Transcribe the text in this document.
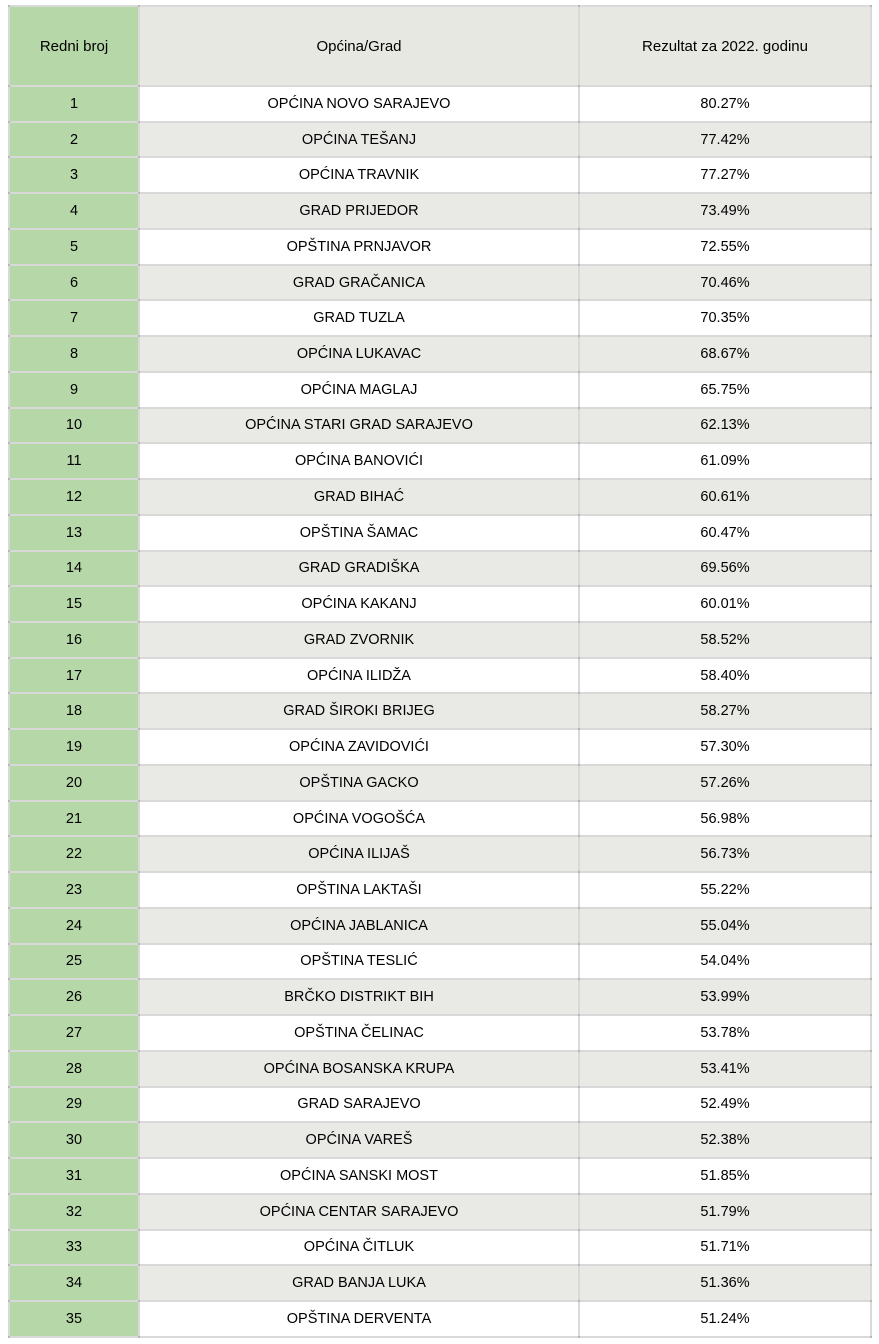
Redni broj	Općina/Grad	Rezultat za 2022. godinu
1	OPĆINA NOVO SARAJEVO	80.27%
2	OPĆINA TEŠANJ	77.42%
3	OPĆINA TRAVNIK	77.27%
4	GRAD PRIJEDOR	73.49%
5	OPŠTINA PRNJAVOR	72.55%
6	GRAD GRAČANICA	70.46%
7	GRAD TUZLA	70.35%
8	OPĆINA LUKAVAC	68.67%
9	OPĆINA MAGLAJ	65.75%
10	OPĆINA STARI GRAD SARAJEVO	62.13%
11	OPĆINA BANOVIĆI	61.09%
12	GRAD BIHAĆ	60.61%
13	OPŠTINA ŠAMAC	60.47%
14	GRAD GRADIŠKA	69.56%
15	OPĆINA KAKANJ	60.01%
16	GRAD ZVORNIK	58.52%
17	OPĆINA ILIDŽA	58.40%
18	GRAD ŠIROKI BRIJEG	58.27%
19	OPĆINA ZAVIDOVIĆI	57.30%
20	OPŠTINA GACKO	57.26%
21	OPĆINA VOGOŠĆA	56.98%
22	OPĆINA ILIJAŠ	56.73%
23	OPŠTINA LAKTAŠI	55.22%
24	OPĆINA JABLANICA	55.04%
25	OPŠTINA TESLIĆ	54.04%
26	BRČKO DISTRIKT BIH	53.99%
27	OPŠTINA ČELINAC	53.78%
28	OPĆINA BOSANSKA KRUPA	53.41%
29	GRAD SARAJEVO	52.49%
30	OPĆINA VAREŠ	52.38%
31	OPĆINA SANSKI MOST	51.85%
32	OPĆINA CENTAR SARAJEVO	51.79%
33	OPĆINA ČITLUK	51.71%
34	GRAD BANJA LUKA	51.36%
35	OPŠTINA DERVENTA	51.24%
